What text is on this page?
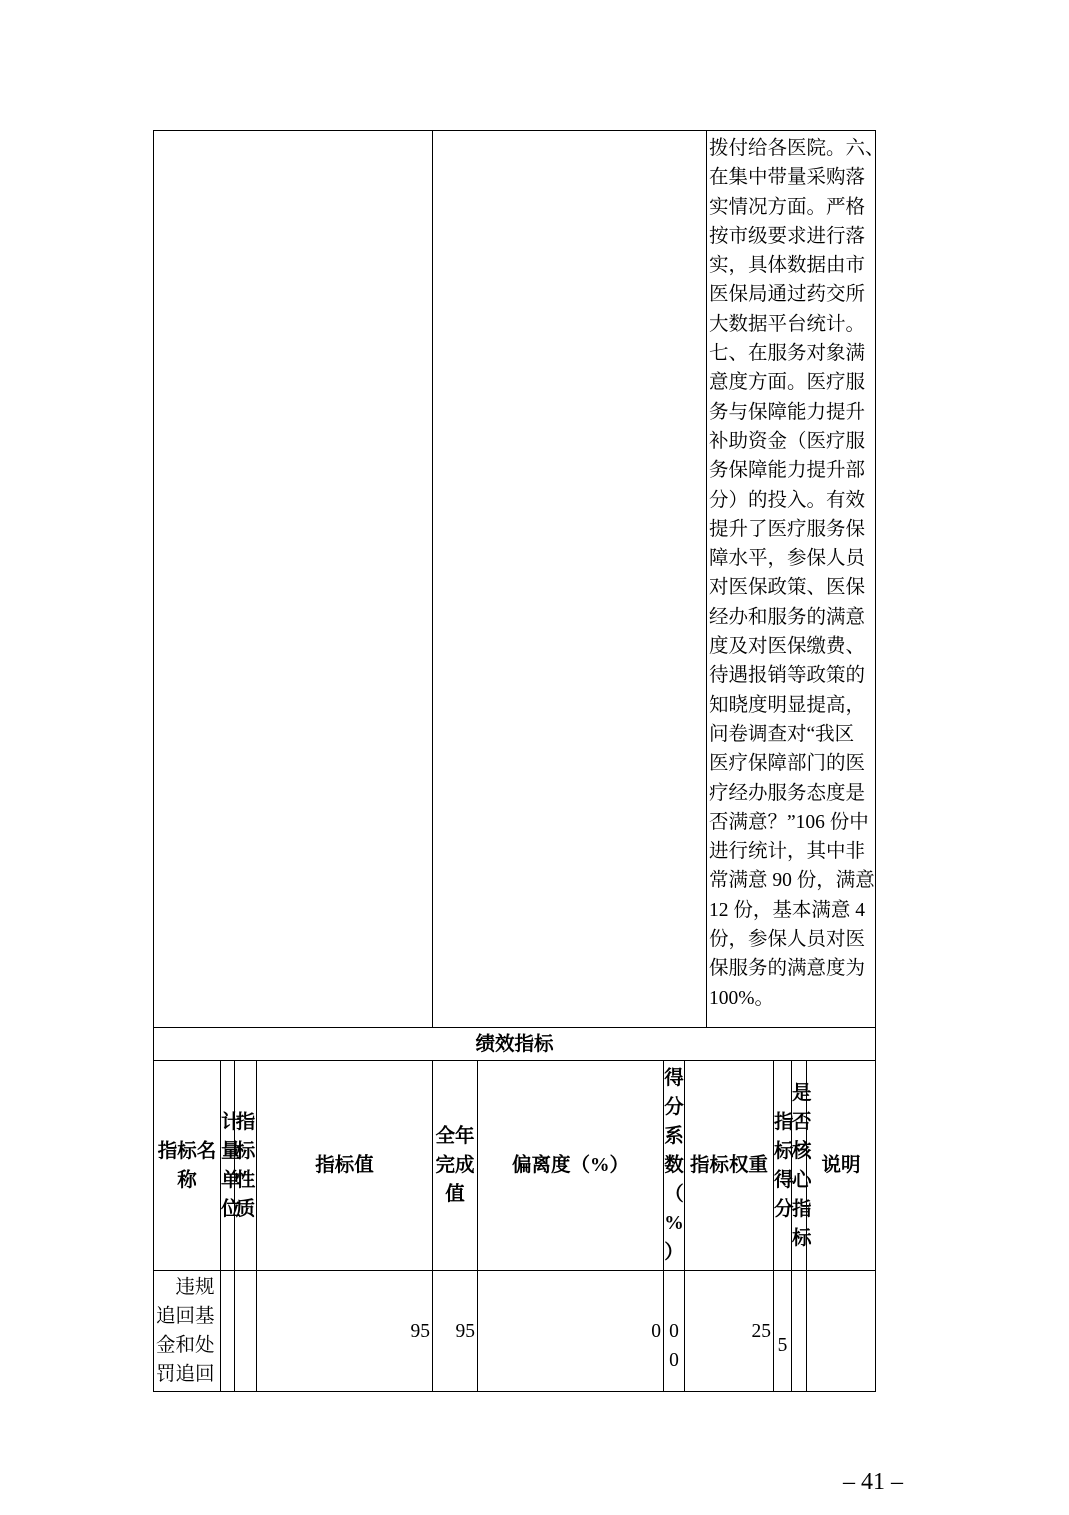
拨付给各医院。六、
在集中带量采购落
实情况方面。严格
按市级要求进行落
实，具体数据由市
医保局通过药交所
大数据平台统计。
七、在服务对象满
意度方面。医疗服
务与保障能力提升
补助资金（医疗服
务保障能力提升部
分）的投入。有效
提升了医疗服务保
障水平，参保人员
对医保政策、医保
经办和服务的满意
度及对医保缴费、
待遇报销等政策的
知晓度明显提高，
问卷调查对“我区
医疗保障部门的医
疗经办服务态度是
否满意？”106 份中
进行统计，其中非
常满意 90 份，满意
12 份，基本满意 4
份，参保人员对医
保服务的满意度为
100%。
绩效指标										
指标名称	计量单位	指标性质	指标值	全年完成值	偏离度（%）	得分系数（%）	指标权重	指标得分	是否核心指标	说明
违规追回基金和处罚追回			95	95	0	00	25	5		

– 41 –
